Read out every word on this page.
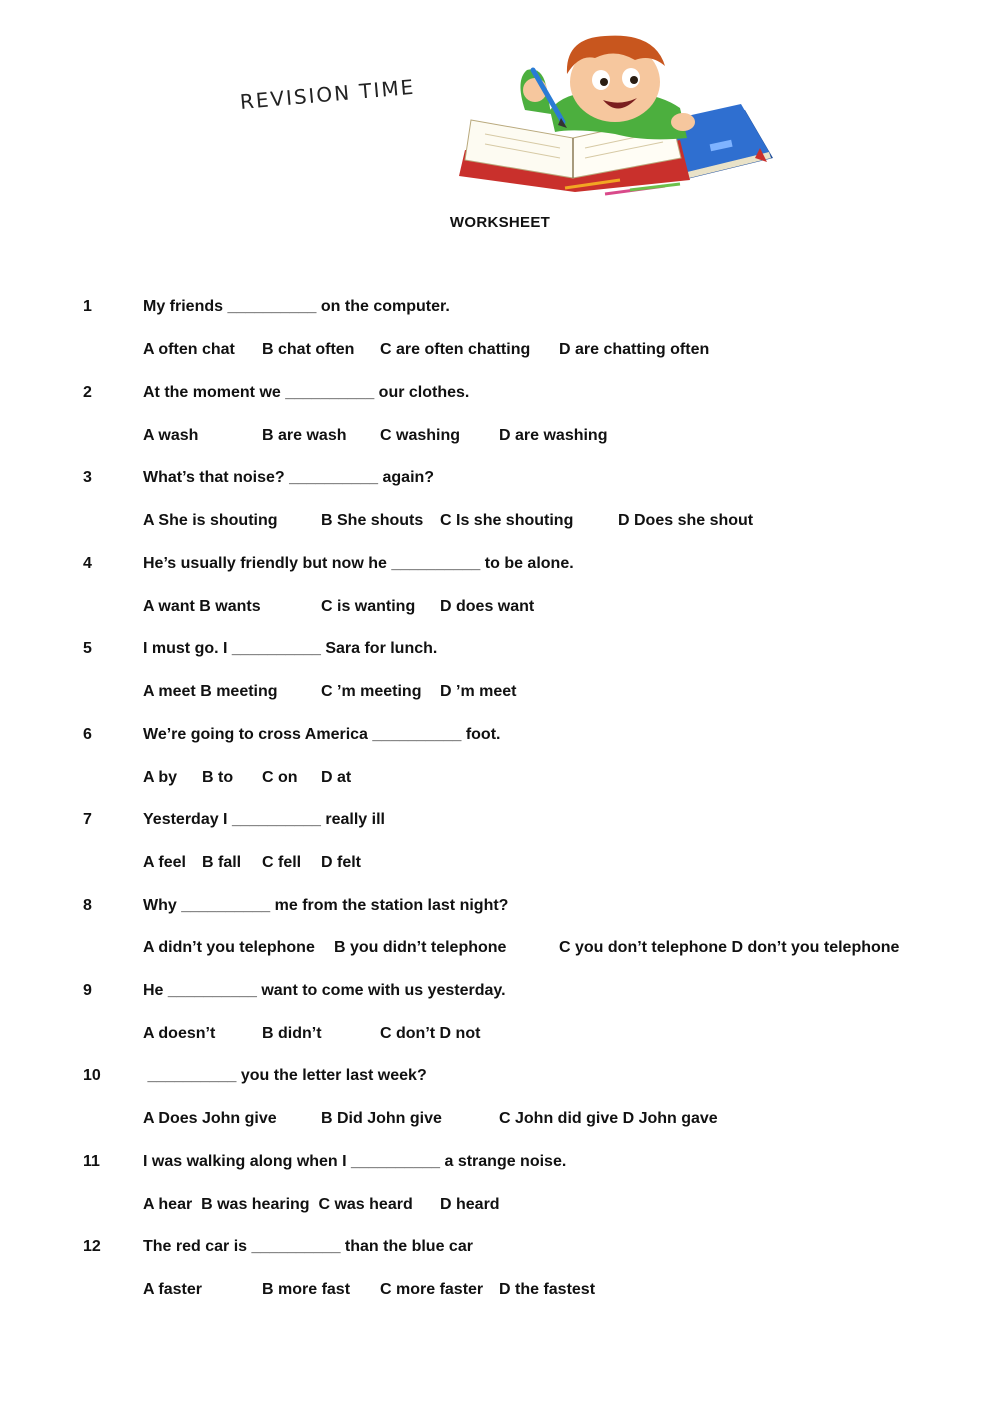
REVISION TIME
WORKSHEET
1	My friends __________ on the computer.
A often chat B chat often C are often chatting D are chatting often
2	At the moment we __________ our clothes.
A wash	B are wash C washing D are washing
3	What’s that noise? __________ again?
A She is shouting	B She shouts C Is she shouting	D Does she shout
4	He’s usually friendly but now he __________ to be alone.
A want B wants	C is wanting D does want
5	I must go. I __________ Sara for lunch.
A meet B meeting	C ’m meeting D ’m meet
6	We’re going to cross America __________ foot.
A by B to C on D at
7	Yesterday I __________ really ill
A feel B fall C fell D felt
8	Why __________ me from the station last night?
A didn’t you telephone B you didn’t telephone	C you don’t telephone D don’t you telephone
9	He __________ want to come with us yesterday.
A doesn’t	B didn’t	C don’t D not
10	__________ you the letter last week?
A Does John give	B Did John give	C John did give D John gave
11	I was walking along when I __________ a strange noise.
A hear  B was hearing  C was heard D heard
12	The red car is __________ than the blue car
A faster	B more fast C more faster D the fastest
